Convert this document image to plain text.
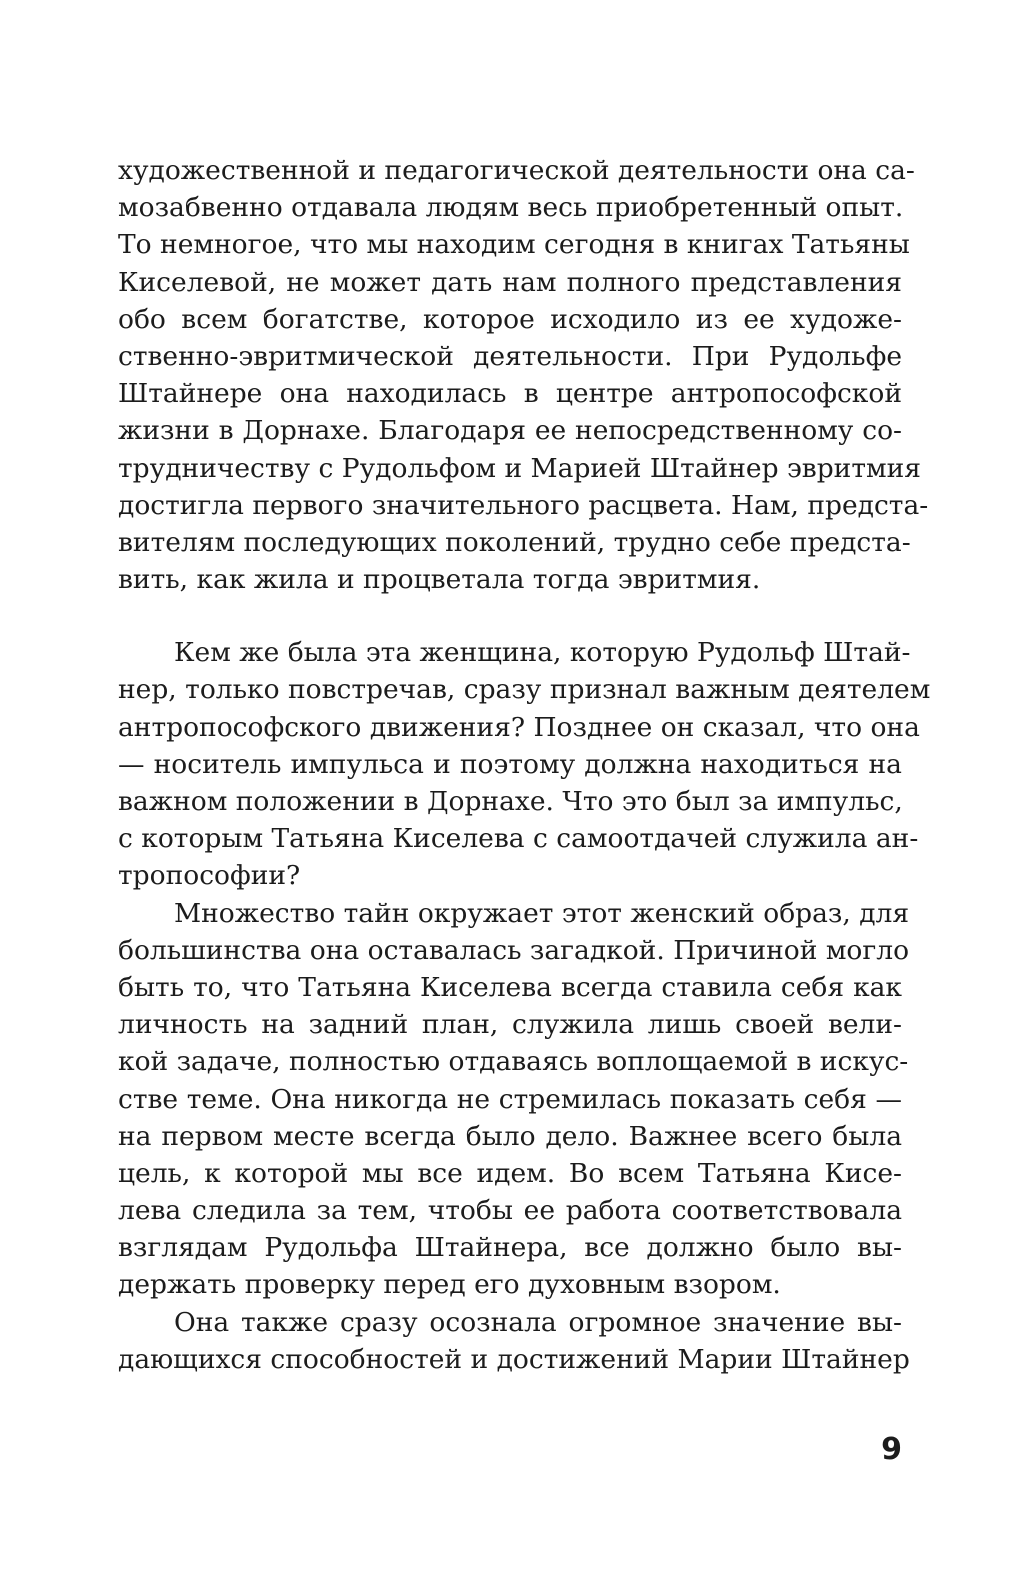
художественной и педагогической деятельности она са-
мозабвенно отдавала людям весь приобретенный опыт.
То немногое, что мы находим сегодня в книгах Татьяны
Киселевой, не может дать нам полного представления
обо всем богатстве, которое исходило из ее художе-
ственно-эвритмической деятельности. При Рудольфе
Штайнере она находилась в центре антропософской
жизни в Дорнахе. Благодаря ее непосредственному со-
трудничеству с Рудольфом и Марией Штайнер эвритмия
достигла первого значительного расцвета. Нам, предста-
вителям последующих поколений, трудно себе предста-
вить, как жила и процветала тогда эвритмия.
Кем же была эта женщина, которую Рудольф Штай-
нер, только повстречав, сразу признал важным деятелем
антропософского движения? Позднее он сказал, что она
— носитель импульса и поэтому должна находиться на
важном положении в Дорнахе. Что это был за импульс,
с которым Татьяна Киселева с самоотдачей служила ан-
тропософии?
Множество тайн окружает этот женский образ, для
большинства она оставалась загадкой. Причиной могло
быть то, что Татьяна Киселева всегда ставила себя как
личность на задний план, служила лишь своей вели-
кой задаче, полностью отдаваясь воплощаемой в искус-
стве теме. Она никогда не стремилась показать себя —
на первом месте всегда было дело. Важнее всего была
цель, к которой мы все идем. Во всем Татьяна Кисе-
лева следила за тем, чтобы ее работа соответствовала
взглядам Рудольфа Штайнера, все должно было вы-
держать проверку перед его духовным взором.
Она также сразу осознала огромное значение вы-
дающихся способностей и достижений Марии Штайнер
9
